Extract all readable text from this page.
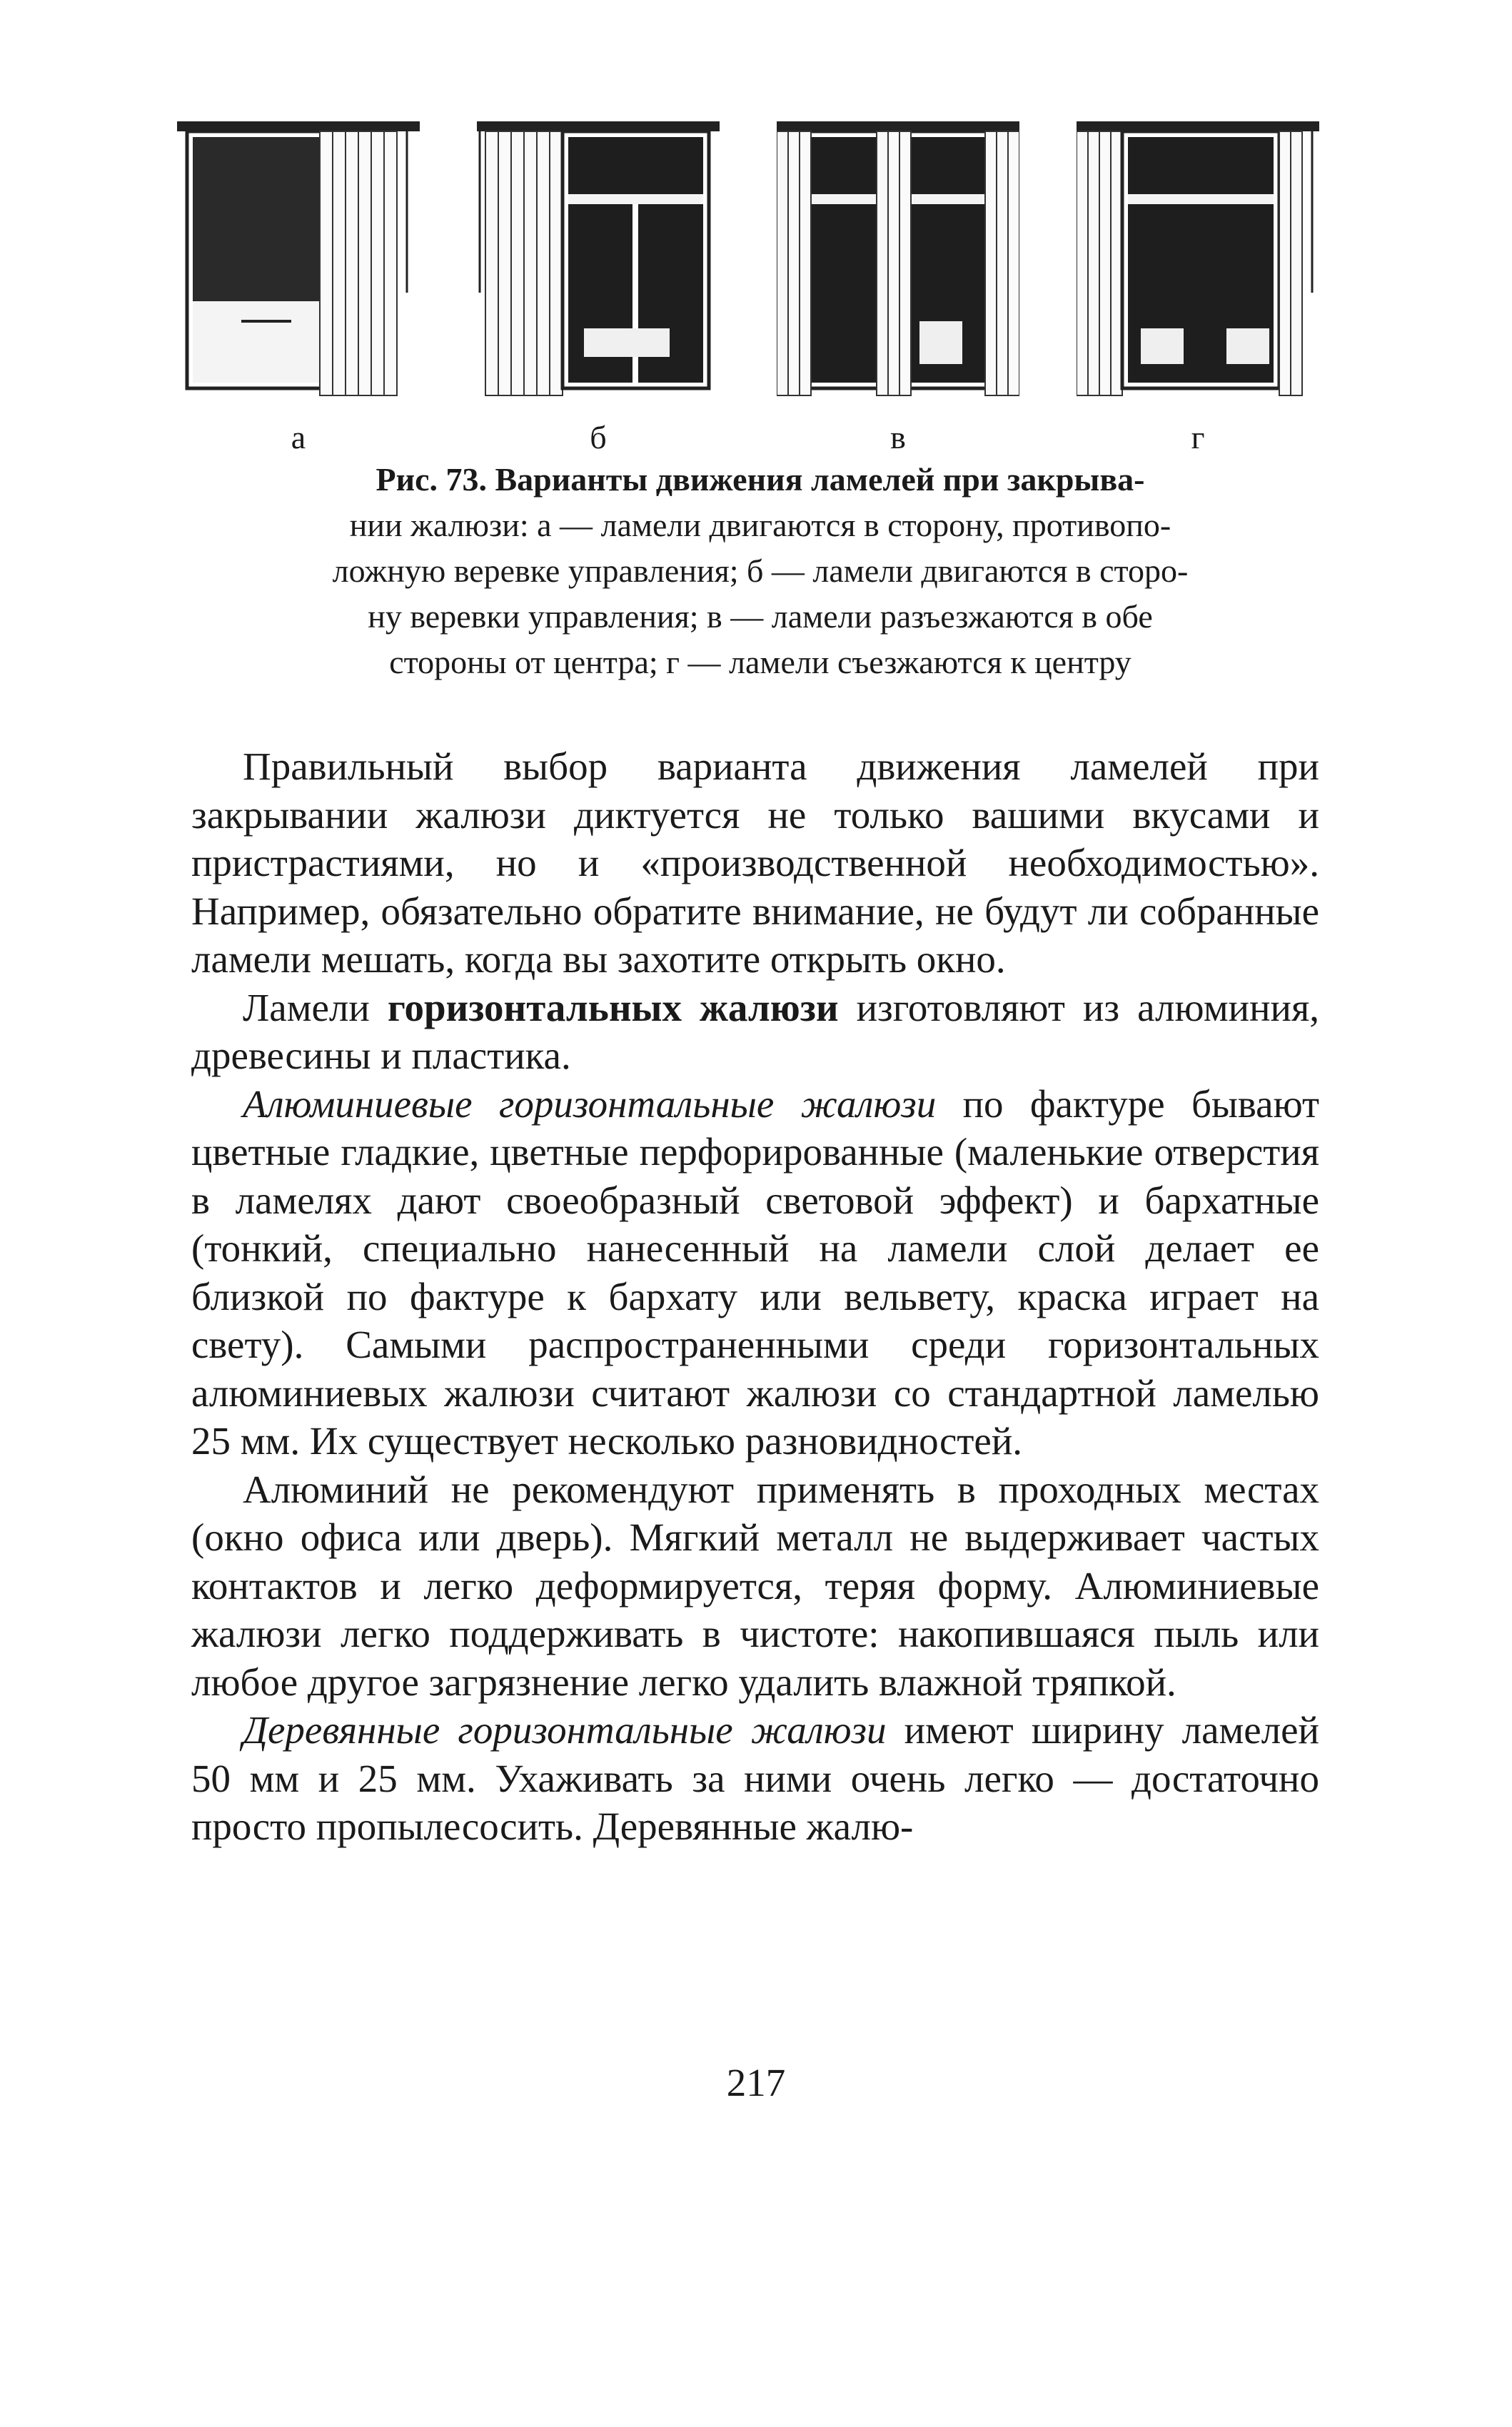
а	б	в	г
Рис. 73. Варианты движения ламелей при закрыва-
нии жалюзи: а — ламели двигаются в сторону, противопо-
ложную веревке управления; б — ламели двигаются в сторо-
ну веревки управления; в — ламели разъезжаются в обе
стороны от центра; г — ламели съезжаются к центру

Правильный выбор варианта движения ламелей при закрывании жалюзи диктуется не только вашими вкусами и пристрастиями, но и «производственной необходимостью». Например, обязательно обратите внимание, не будут ли собранные ламели мешать, когда вы захотите открыть окно.

Ламели горизонтальных жалюзи изготовляют из алюминия, древесины и пластика.

Алюминиевые горизонтальные жалюзи по фактуре бывают цветные гладкие, цветные перфорированные (маленькие отверстия в ламелях дают своеобразный световой эффект) и бархатные (тонкий, специально нанесенный на ламели слой делает ее близкой по фактуре к бархату или вельвету, краска играет на свету). Самыми распространенными среди горизонтальных алюминиевых жалюзи считают жалюзи со стандартной ламелью 25 мм. Их существует несколько разновидностей.

Алюминий не рекомендуют применять в проходных местах (окно офиса или дверь). Мягкий металл не выдерживает частых контактов и легко деформируется, теряя форму. Алюминиевые жалюзи легко поддерживать в чистоте: накопившаяся пыль или любое другое загрязнение легко удалить влажной тряпкой.

Деревянные горизонтальные жалюзи имеют ширину ламелей 50 мм и 25 мм. Ухаживать за ними очень легко — достаточно просто пропылесосить. Деревянные жалю-

217
